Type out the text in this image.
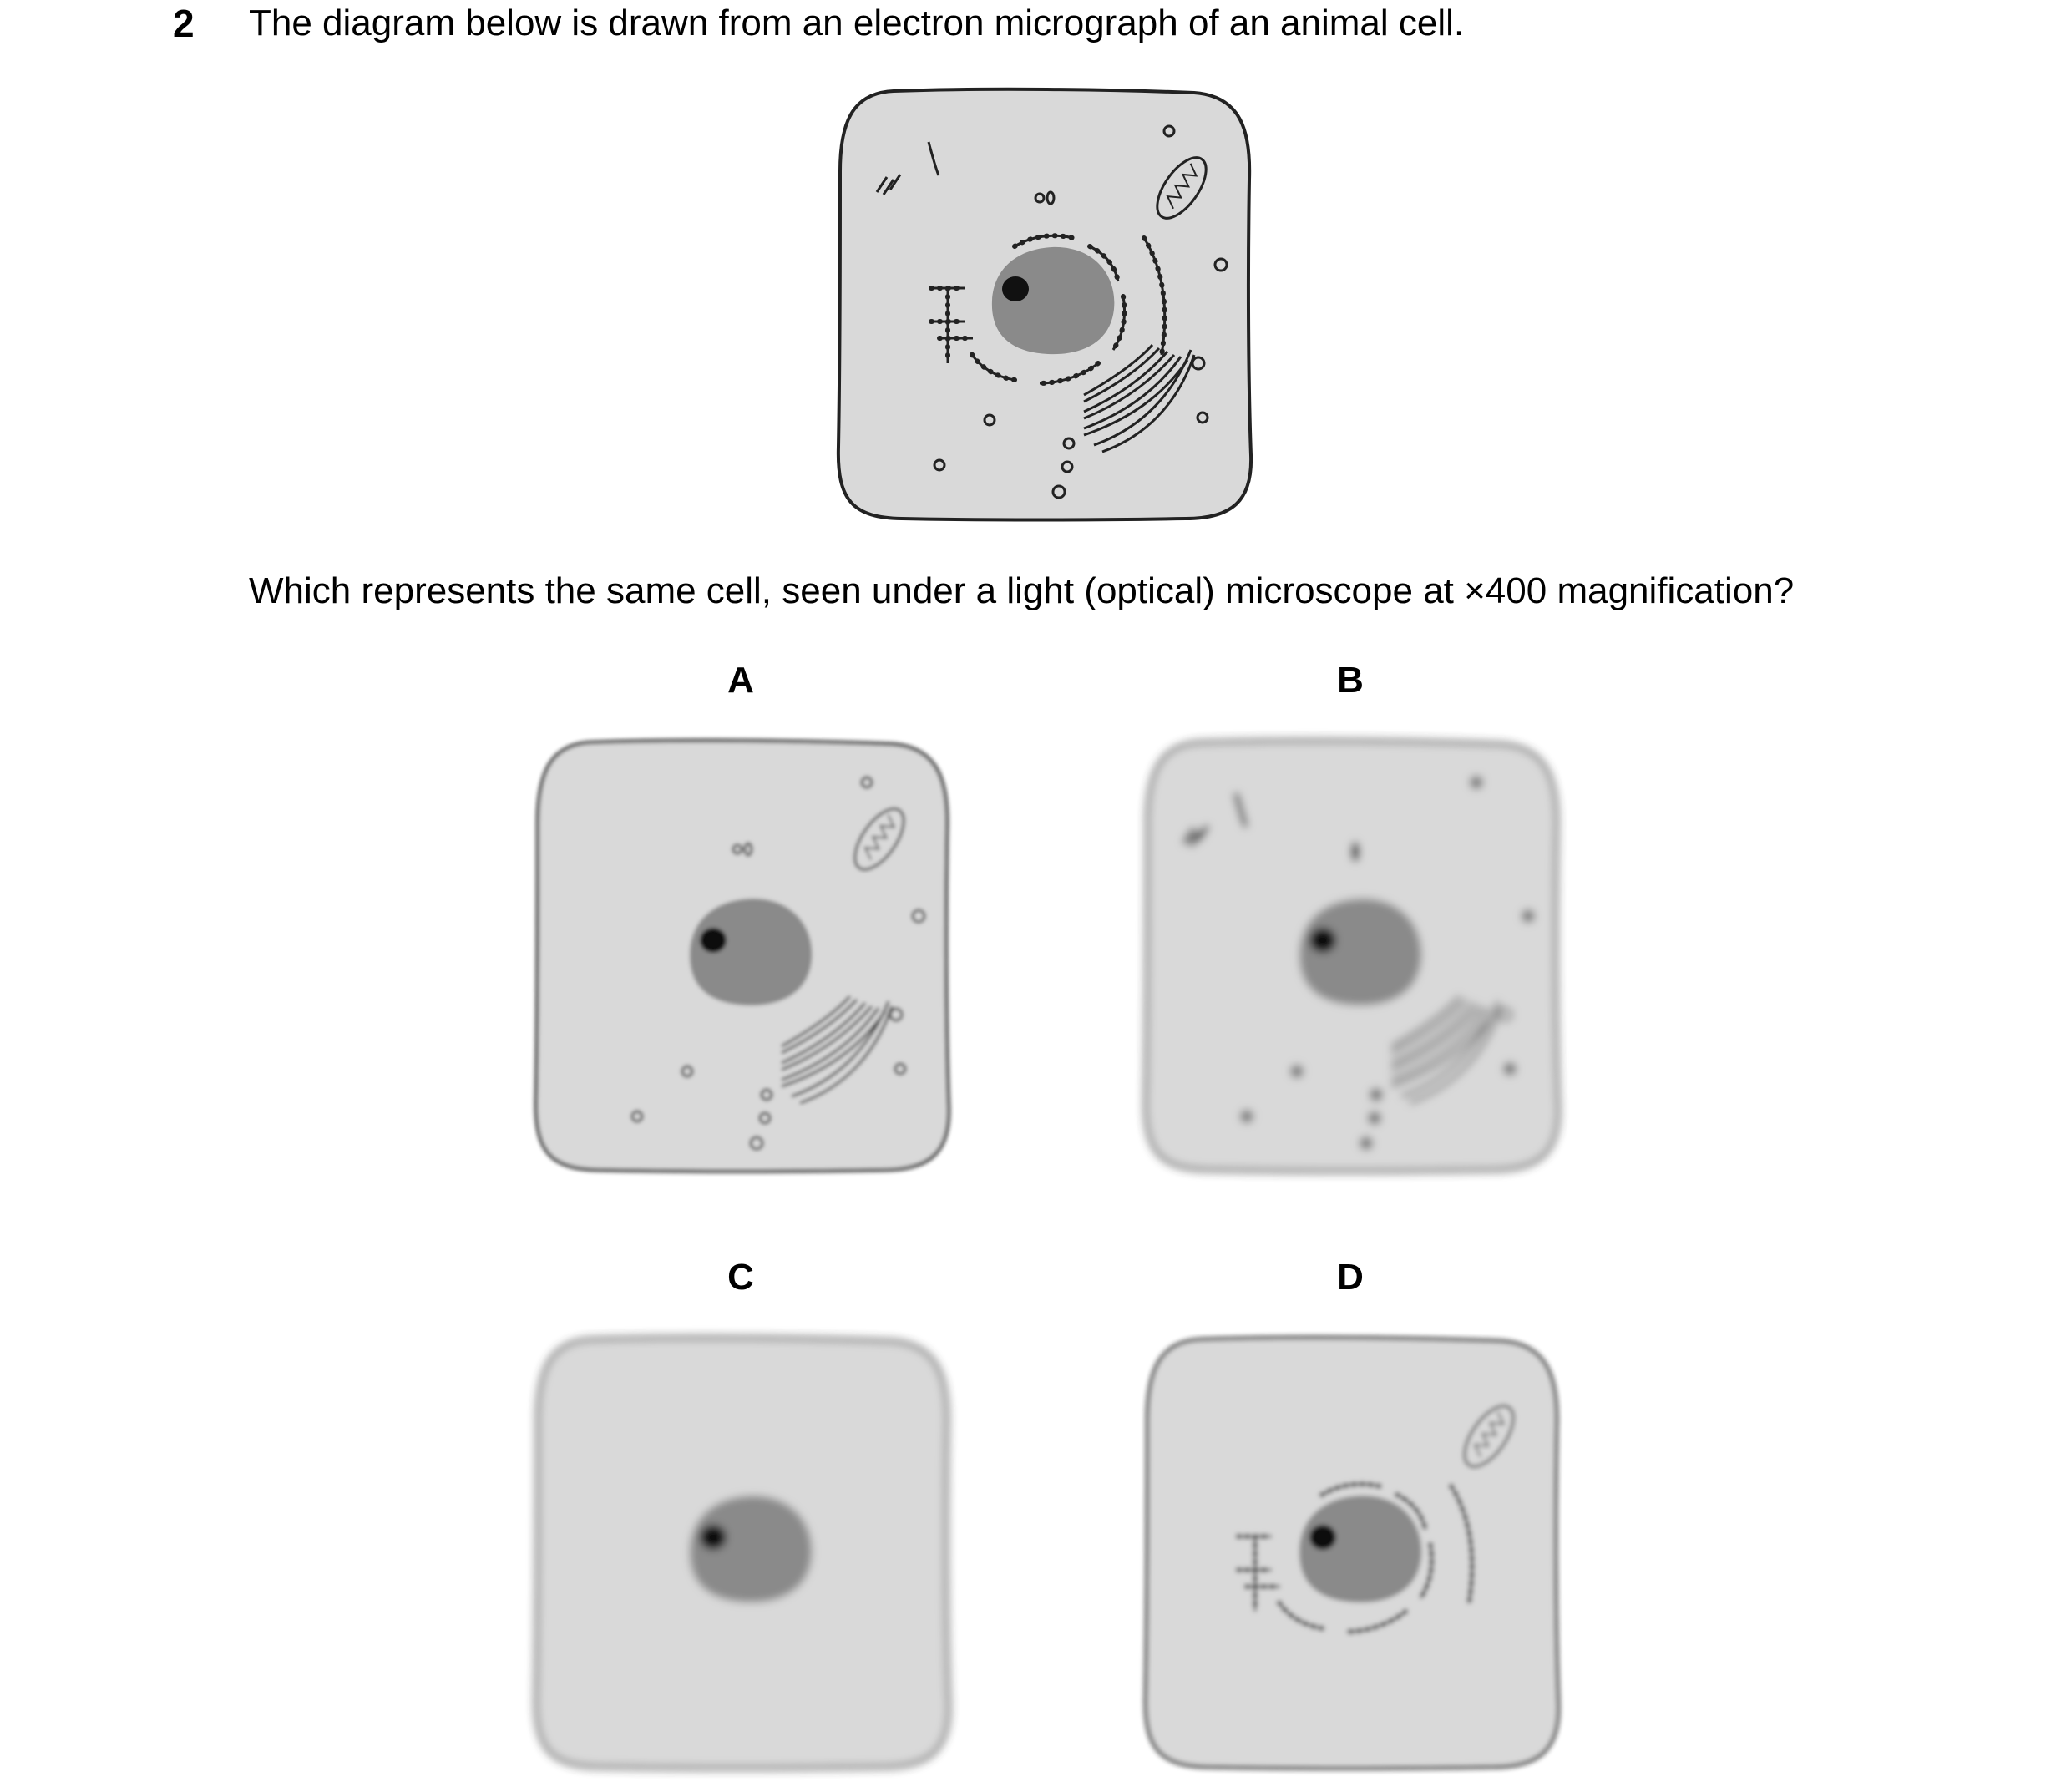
2 The diagram below is drawn from an electron micrograph of an animal cell.
Which represents the same cell, seen under a light (optical) microscope at ×400 magnification?
A	B
C	D
